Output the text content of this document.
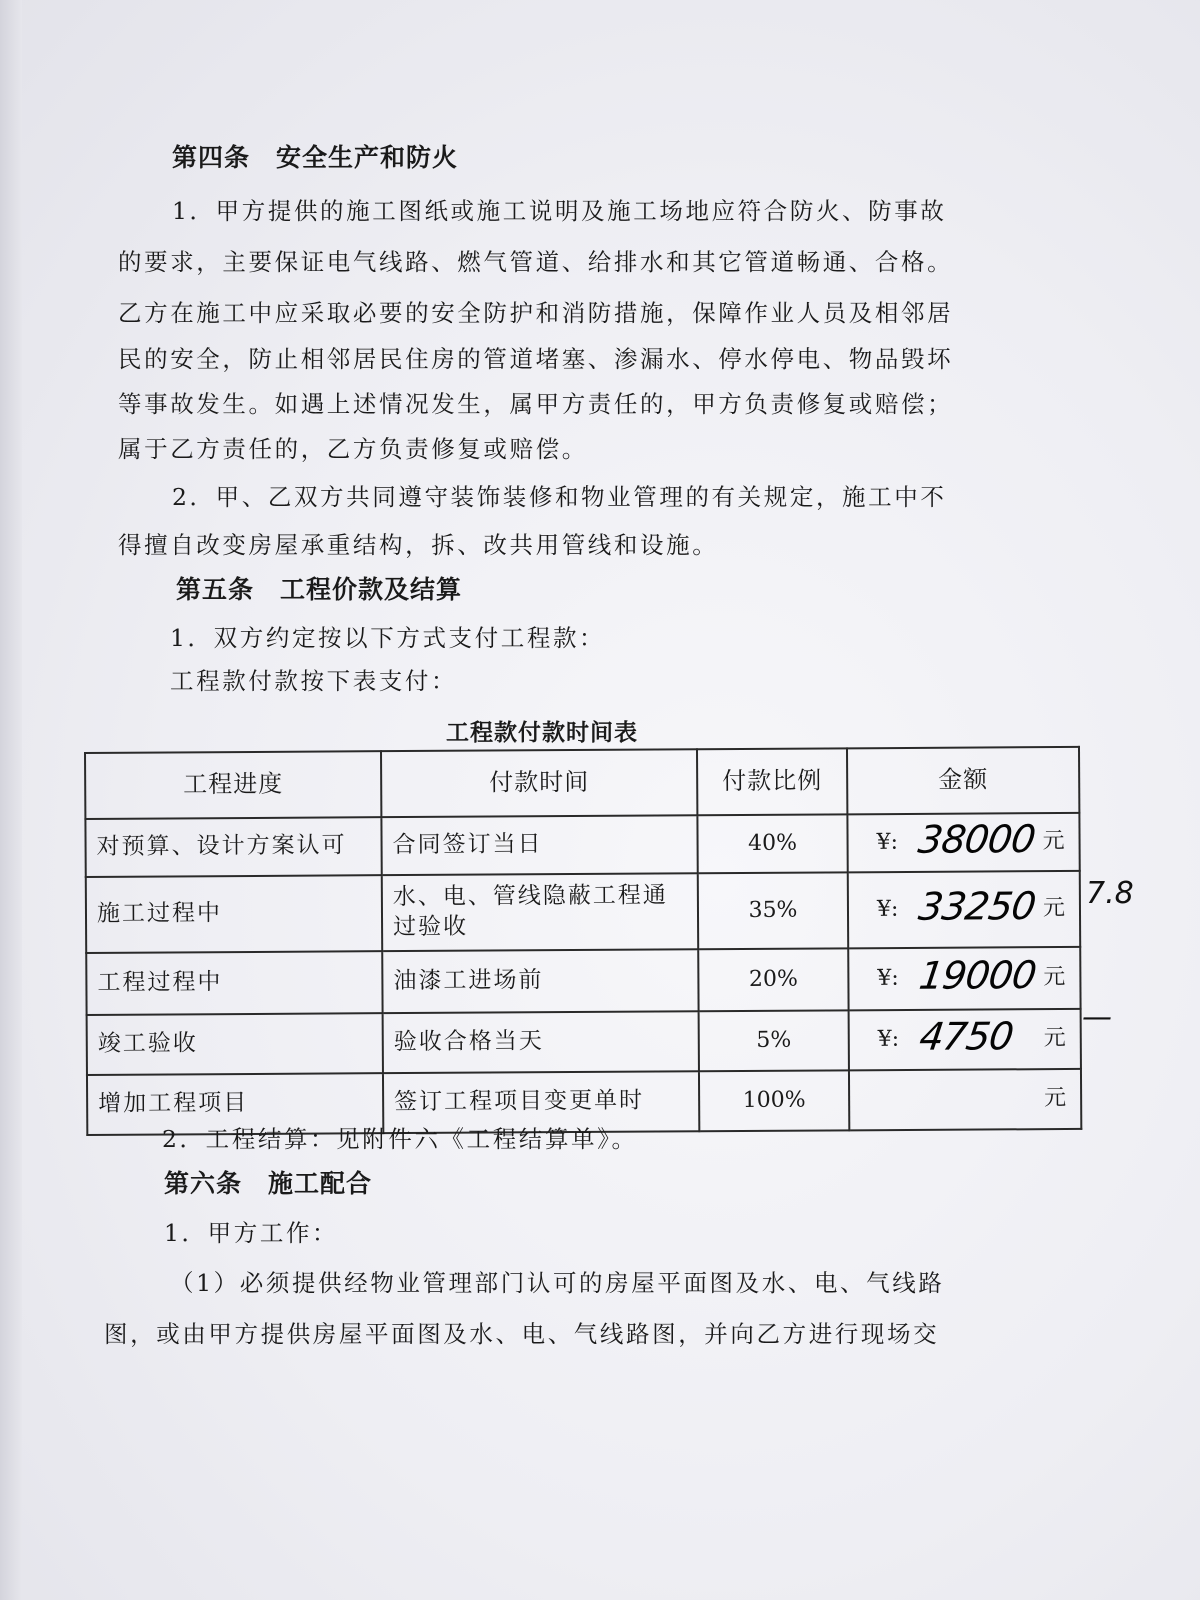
第四条　安全生产和防火
1．甲方提供的施工图纸或施工说明及施工场地应符合防火、防事故
的要求，主要保证电气线路、燃气管道、给排水和其它管道畅通、合格。
乙方在施工中应采取必要的安全防护和消防措施，保障作业人员及相邻居
民的安全，防止相邻居民住房的管道堵塞、渗漏水、停水停电、物品毁坏
等事故发生。如遇上述情况发生，属甲方责任的，甲方负责修复或赔偿；
属于乙方责任的，乙方负责修复或赔偿。
2．甲、乙双方共同遵守装饰装修和物业管理的有关规定，施工中不
得擅自改变房屋承重结构，拆、改共用管线和设施。
第五条　工程价款及结算
1．双方约定按以下方式支付工程款：
工程款付款按下表支付：
工程款付款时间表
工程进度	付款时间	付款比例	金额
对预算、设计方案认可	合同签订当日	40%	¥: 38000 元

施工过程中	水、电、管线隐蔽工程通过验收	35%	¥: 33250 元

工程过程中	油漆工进场前	20%	¥: 19000 元

竣工验收	验收合格当天	5%	¥: 4750 元

增加工程项目	签订工程项目变更单时	100%	元
2．工程结算：见附件六《工程结算单》。
第六条　施工配合
1．甲方工作：
（1）必须提供经物业管理部门认可的房屋平面图及水、电、气线路
图，或由甲方提供房屋平面图及水、电、气线路图，并向乙方进行现场交
7.8
—
